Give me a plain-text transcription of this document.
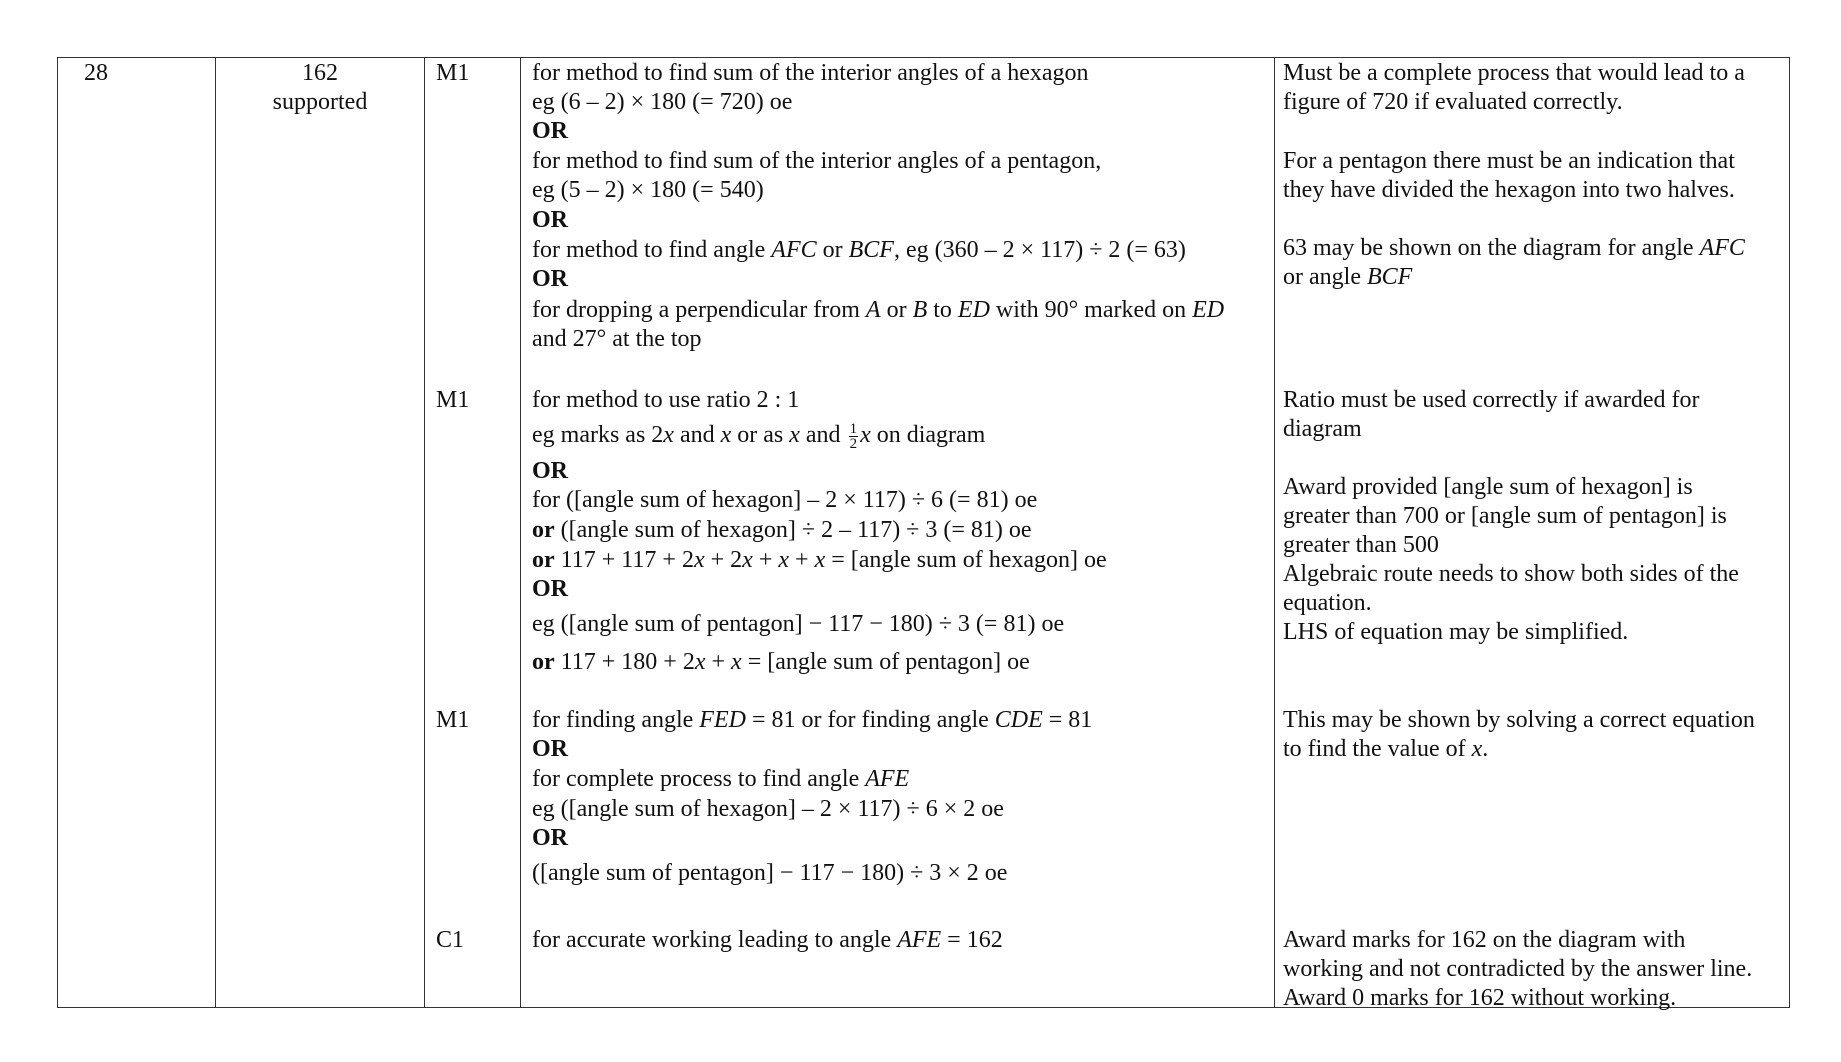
28	162
supported
M1
M1
M1
C1
for method to find sum of the interior angles of a hexagon
eg (6 – 2) × 180 (= 720) oe
OR
for method to find sum of the interior angles of a pentagon,
eg (5 – 2) × 180 (= 540)
OR
for method to find angle AFC or BCF, eg (360 – 2 × 117) ÷ 2 (= 63)
OR
for dropping a perpendicular from A or B to ED with 90° marked on ED
and 27° at the top
for method to use ratio 2 : 1
eg marks as 2x and x or as x and $\frac{1}{2}$ x on diagram
OR
for ([angle sum of hexagon] – 2 × 117) ÷ 6 (= 81) oe
or ([angle sum of hexagon] ÷ 2 – 117) ÷ 3 (= 81) oe
or 117 + 117 + 2x + 2x + x + x = [angle sum of hexagon] oe
OR
eg ([angle sum of pentagon] − 117 − 180) ÷ 3 (= 81) oe
or 117 + 180 + 2x + x = [angle sum of pentagon] oe
for finding angle FED = 81 or for finding angle CDE = 81
OR
for complete process to find angle AFE
eg ([angle sum of hexagon] – 2 × 117) ÷ 6 × 2 oe
OR
([angle sum of pentagon] − 117 − 180) ÷ 3 × 2 oe
for accurate working leading to angle AFE = 162
Must be a complete process that would lead to a
figure of 720 if evaluated correctly.
For a pentagon there must be an indication that
they have divided the hexagon into two halves.
63 may be shown on the diagram for angle AFC
or angle BCF
Ratio must be used correctly if awarded for
diagram
Award provided [angle sum of hexagon] is
greater than 700 or [angle sum of pentagon] is
greater than 500
Algebraic route needs to show both sides of the
equation.
LHS of equation may be simplified.
This may be shown by solving a correct equation
to find the value of x.
Award marks for 162 on the diagram with
working and not contradicted by the answer line.
Award 0 marks for 162 without working.
